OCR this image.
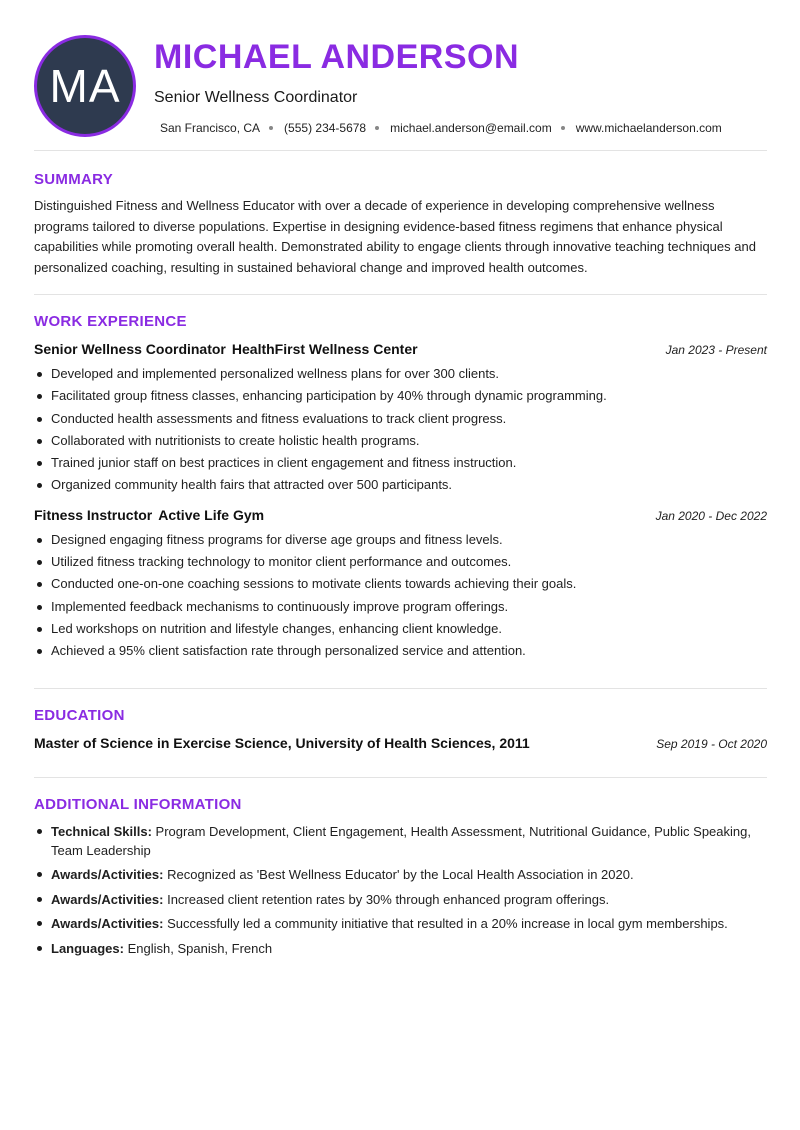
MA
MICHAEL ANDERSON
Senior Wellness Coordinator
San Francisco, CA (555) 234-5678 michael.anderson@email.com www.michaelanderson.com
SUMMARY
Distinguished Fitness and Wellness Educator with over a decade of experience in developing comprehensive wellness programs tailored to diverse populations. Expertise in designing evidence-based fitness regimens that enhance physical capabilities while promoting overall health. Demonstrated ability to engage clients through innovative teaching techniques and personalized coaching, resulting in sustained behavioral change and improved health outcomes.
WORK EXPERIENCE
Senior Wellness Coordinator HealthFirst Wellness Center	Jan 2023 - Present
Developed and implemented personalized wellness plans for over 300 clients.
Facilitated group fitness classes, enhancing participation by 40% through dynamic programming.
Conducted health assessments and fitness evaluations to track client progress.
Collaborated with nutritionists to create holistic health programs.
Trained junior staff on best practices in client engagement and fitness instruction.
Organized community health fairs that attracted over 500 participants.
Fitness Instructor Active Life Gym	Jan 2020 - Dec 2022
Designed engaging fitness programs for diverse age groups and fitness levels.
Utilized fitness tracking technology to monitor client performance and outcomes.
Conducted one-on-one coaching sessions to motivate clients towards achieving their goals.
Implemented feedback mechanisms to continuously improve program offerings.
Led workshops on nutrition and lifestyle changes, enhancing client knowledge.
Achieved a 95% client satisfaction rate through personalized service and attention.
EDUCATION
Master of Science in Exercise Science, University of Health Sciences, 2011	Sep 2019 - Oct 2020
ADDITIONAL INFORMATION
Technical Skills: Program Development, Client Engagement, Health Assessment, Nutritional Guidance, Public Speaking, Team Leadership
Awards/Activities: Recognized as 'Best Wellness Educator' by the Local Health Association in 2020.
Awards/Activities: Increased client retention rates by 30% through enhanced program offerings.
Awards/Activities: Successfully led a community initiative that resulted in a 20% increase in local gym memberships.
Languages: English, Spanish, French
